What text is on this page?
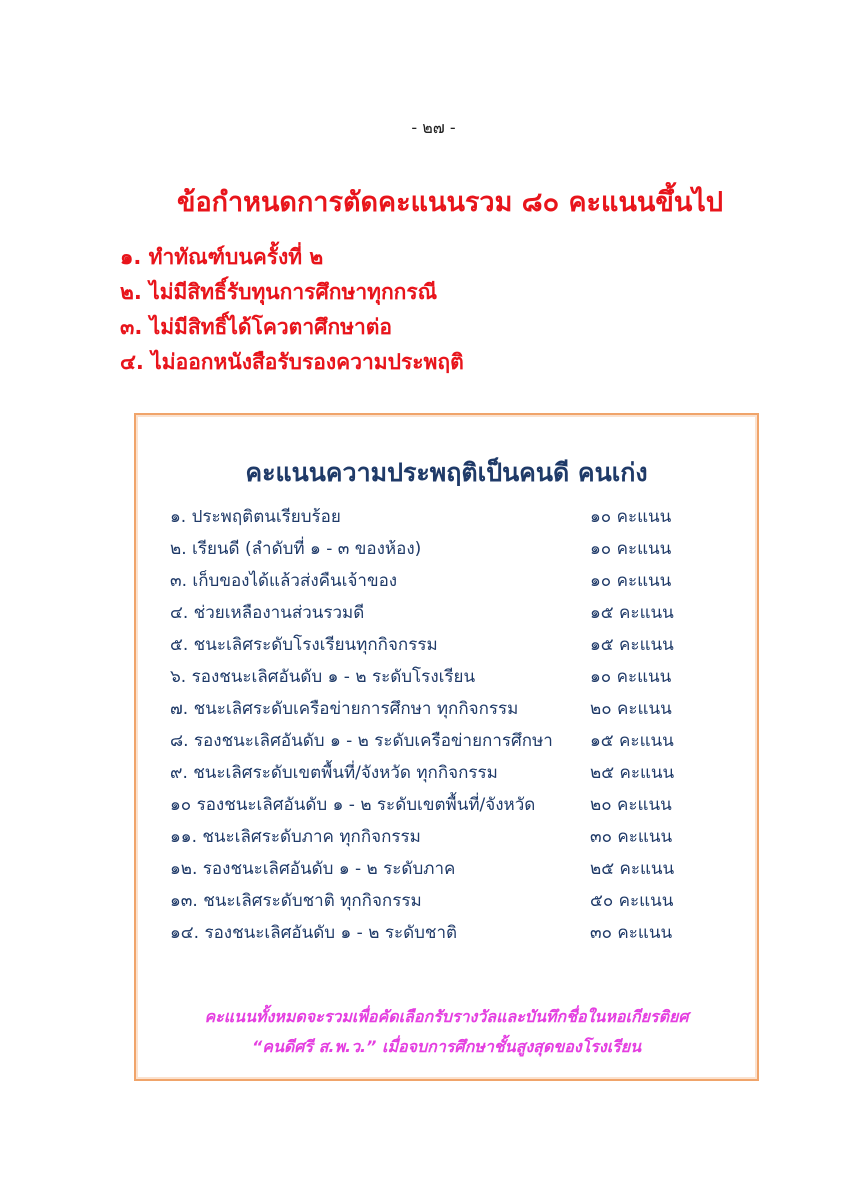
- ๒๗ -
ข้อกำหนดการตัดคะแนนรวม ๘๐ คะแนนขึ้นไป
๑. ทำทัณฑ์บนครั้งที่ ๒
๒. ไม่มีสิทธิ์รับทุนการศึกษาทุกกรณี
๓. ไม่มีสิทธิ์ได้โควตาศึกษาต่อ
๔. ไม่ออกหนังสือรับรองความประพฤติ
คะแนนความประพฤติเป็นคนดี คนเก่ง
๑. ประพฤติตนเรียบร้อย	๑๐ คะแนน
๒. เรียนดี (ลำดับที่ ๑ - ๓ ของห้อง)	๑๐ คะแนน
๓. เก็บของได้แล้วส่งคืนเจ้าของ	๑๐ คะแนน
๔. ช่วยเหลืองานส่วนรวมดี	๑๕ คะแนน
๕. ชนะเลิศระดับโรงเรียนทุกกิจกรรม	๑๕ คะแนน
๖. รองชนะเลิศอันดับ ๑ - ๒ ระดับโรงเรียน	๑๐ คะแนน
๗. ชนะเลิศระดับเครือข่ายการศึกษา ทุกกิจกรรม	๒๐ คะแนน
๘. รองชนะเลิศอันดับ ๑ - ๒ ระดับเครือข่ายการศึกษา ๑๕ คะแนน
๙. ชนะเลิศระดับเขตพื้นที่/จังหวัด ทุกกิจกรรม	๒๕ คะแนน
๑๐ รองชนะเลิศอันดับ ๑ - ๒ ระดับเขตพื้นที่/จังหวัด	๒๐ คะแนน
๑๑. ชนะเลิศระดับภาค ทุกกิจกรรม	๓๐ คะแนน
๑๒. รองชนะเลิศอันดับ ๑ - ๒ ระดับภาค	๒๕ คะแนน
๑๓. ชนะเลิศระดับชาติ ทุกกิจกรรม	๕๐ คะแนน
๑๔. รองชนะเลิศอันดับ ๑ - ๒ ระดับชาติ	๓๐ คะแนน
คะแนนทั้งหมดจะรวมเพื่อคัดเลือกรับรางวัลและบันทึกชื่อในหอเกียรติยศ
“คนดีศรี ส.พ.ว.” เมื่อจบการศึกษาชั้นสูงสุดของโรงเรียน
